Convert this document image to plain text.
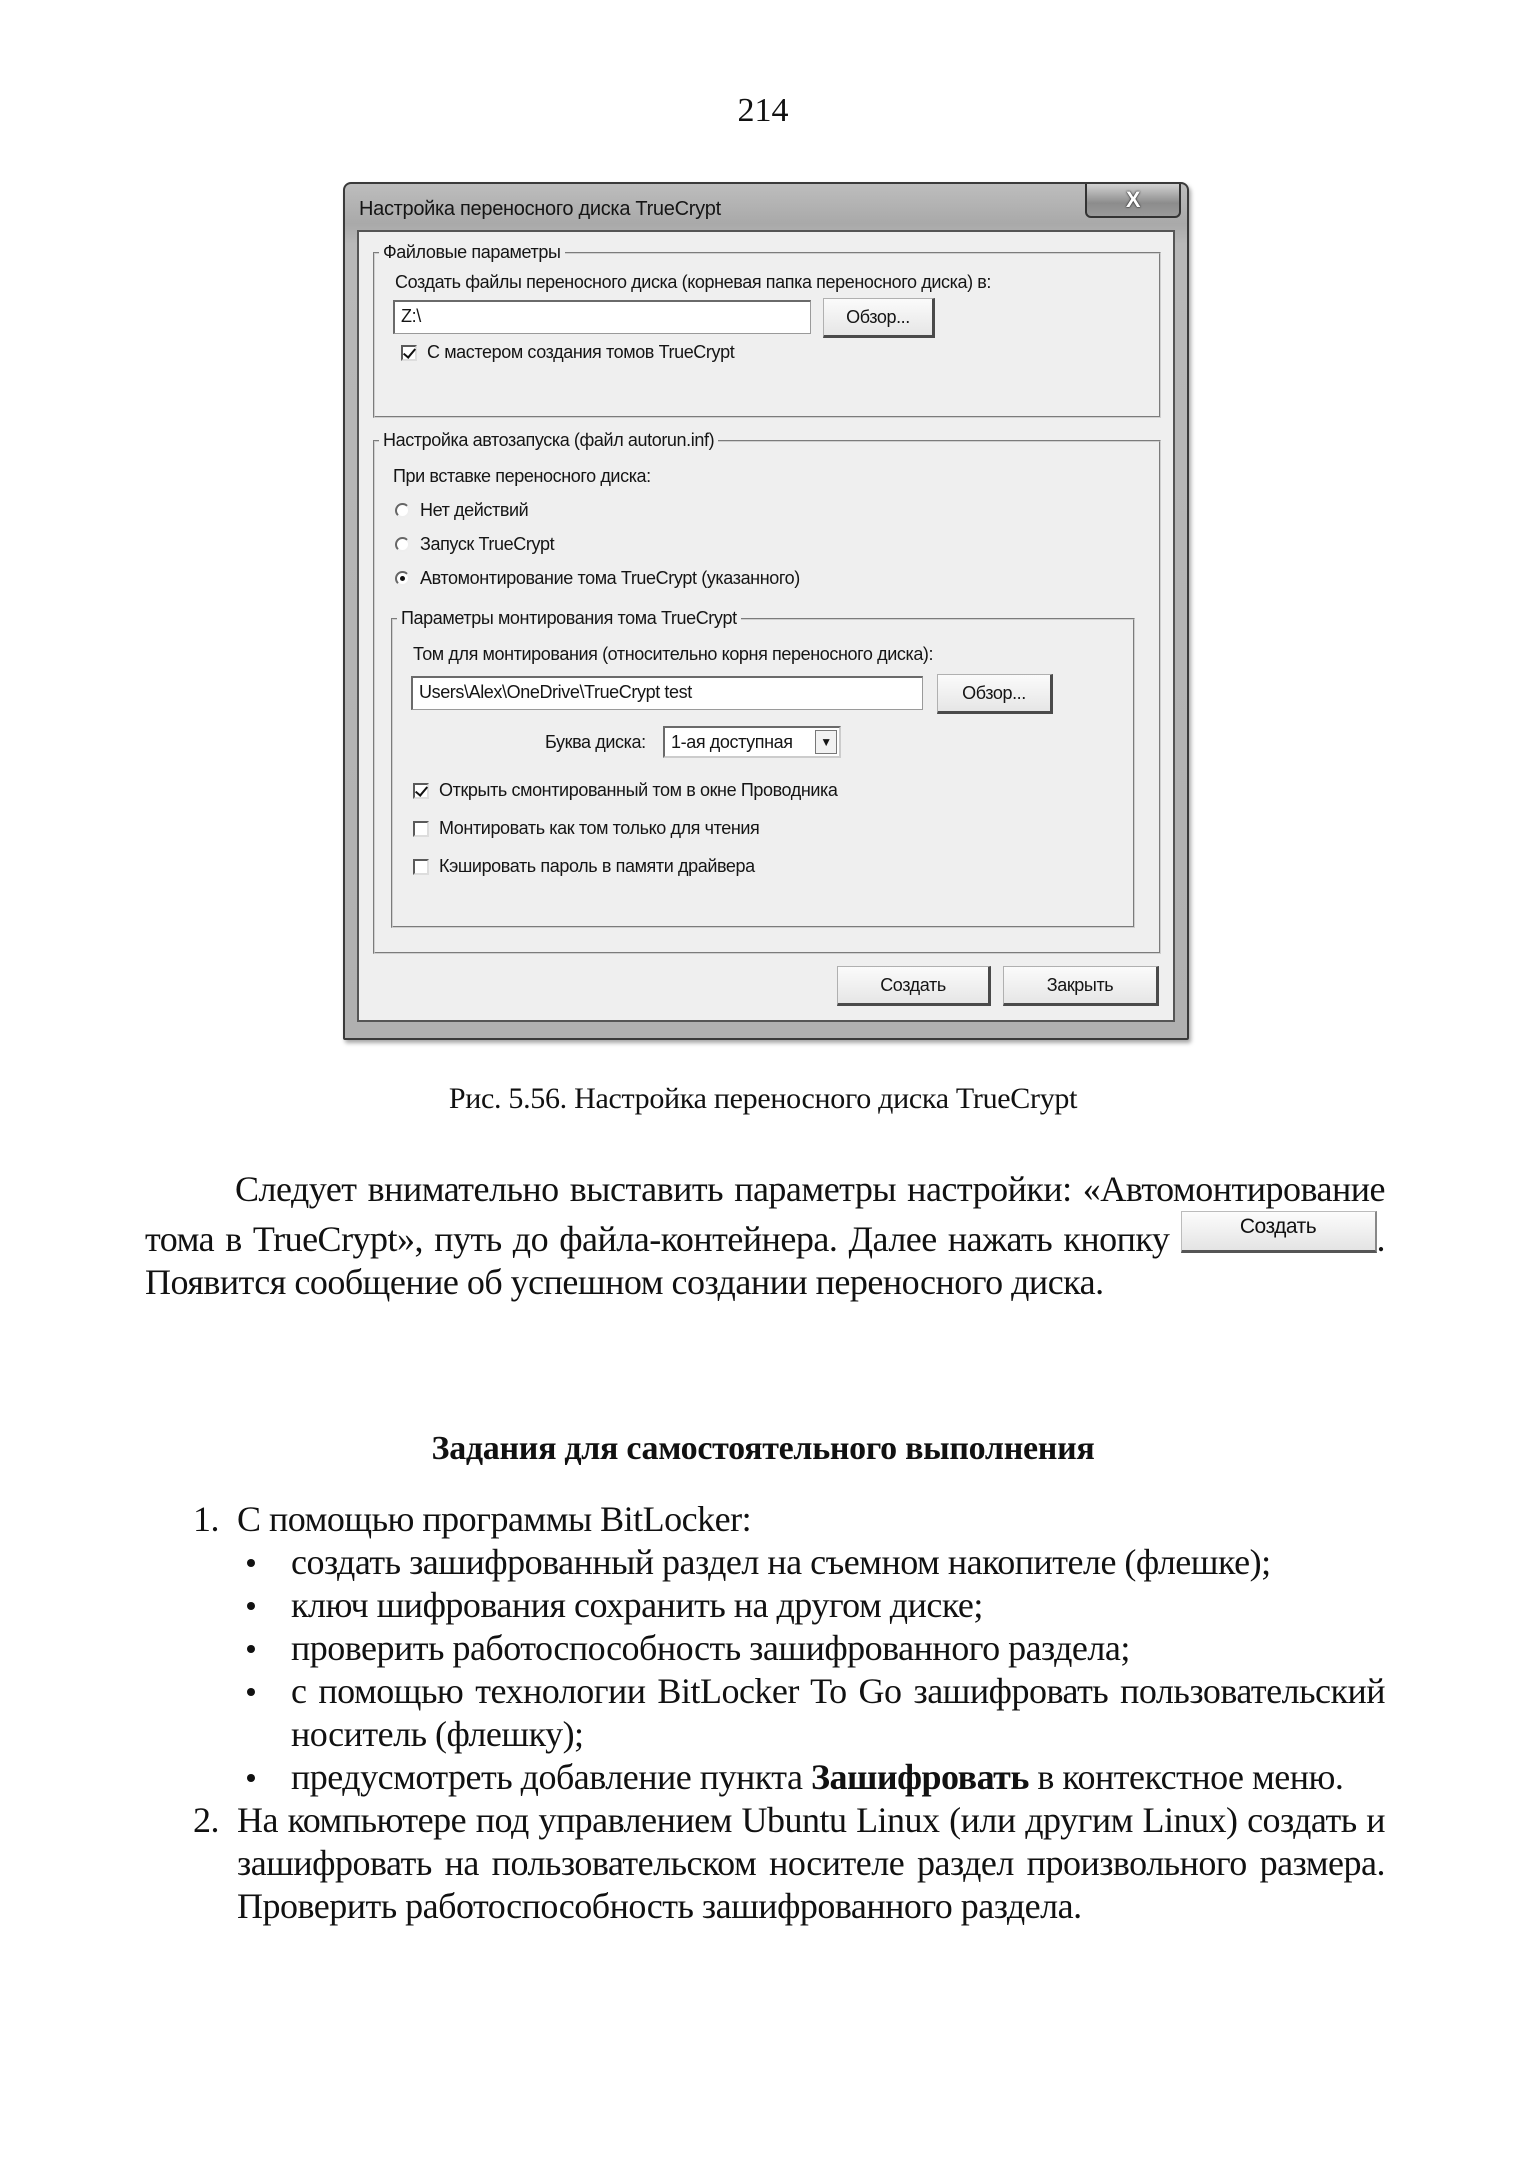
214
Настройка переносного диска TrueCrypt	X
Файловые параметры
Создать файлы переносного диска (корневая папка переносного диска) в:
Z:\	Обзор...
С мастером создания томов TrueCrypt
Настройка автозапуска (файл autorun.inf)
При вставке переносного диска:
Нет действий
Запуск TrueCrypt
Автомонтирование тома TrueCrypt (указанного)
Параметры монтирования тома TrueCrypt
Том для монтирования (относительно корня переносного диска):
Users\Alex\OneDrive\TrueCrypt test	Обзор...
Буква диска: 1-ая доступная	▼
Открыть смонтированный том в окне Проводника
Монтировать как том только для чтения
Кэшировать пароль в памяти драйвера
Создать	Закрыть
Рис. 5.56. Настройка переносного диска TrueCrypt
Следует внимательно выставить параметры настройки: «Автомонтирование тома в TrueCrypt», путь до файла-контейнера. Далее нажать кнопку	Создать	. Появится сообщение об успешном создании переносного диска.
Задания для самостоятельного выполнения
1. С помощью программы BitLocker:
создать зашифрованный раздел на съемном накопителе (флешке);
ключ шифрования сохранить на другом диске;
проверить работоспособность зашифрованного раздела;
с помощью технологии BitLocker To Go зашифровать пользовательский носитель (флешку);
предусмотреть добавление пункта Зашифровать в контекстное меню.
2. На компьютере под управлением Ubuntu Linux (или другим Linux) создать и зашифровать на пользовательском носителе раздел произвольного размера. Проверить работоспособность зашифрованного раздела.
